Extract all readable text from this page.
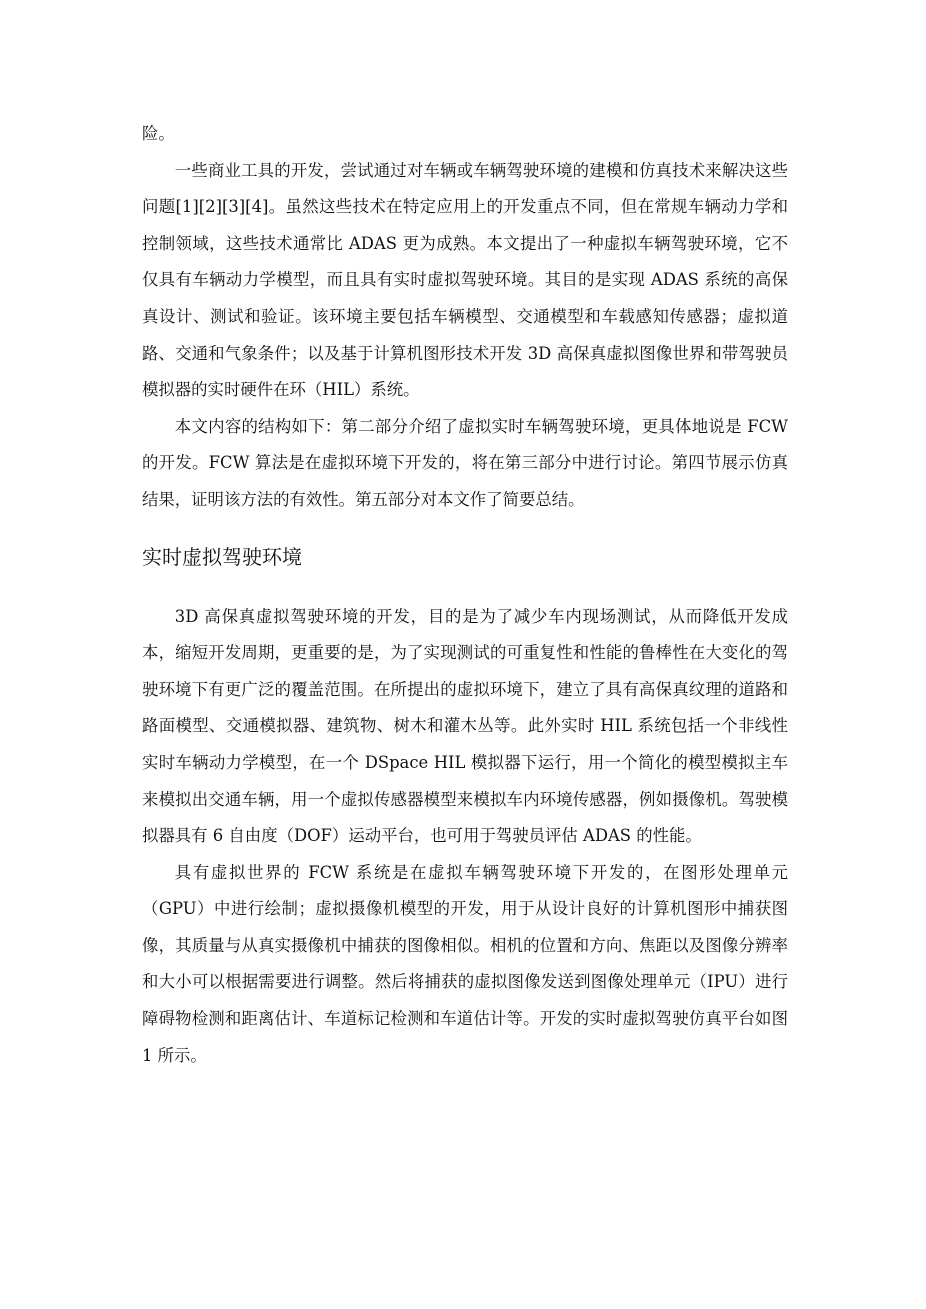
险。

一些商业工具的开发，尝试通过对车辆或车辆驾驶环境的建模和仿真技术来解决这些问题[1][2][3][4]。虽然这些技术在特定应用上的开发重点不同，但在常规车辆动力学和控制领域，这些技术通常比 ADAS 更为成熟。本文提出了一种虚拟车辆驾驶环境，它不仅具有车辆动力学模型，而且具有实时虚拟驾驶环境。其目的是实现 ADAS 系统的高保真设计、测试和验证。该环境主要包括车辆模型、交通模型和车载感知传感器；虚拟道路、交通和气象条件；以及基于计算机图形技术开发 3D 高保真虚拟图像世界和带驾驶员模拟器的实时硬件在环（HIL）系统。

本文内容的结构如下：第二部分介绍了虚拟实时车辆驾驶环境，更具体地说是 FCW 的开发。FCW 算法是在虚拟环境下开发的，将在第三部分中进行讨论。第四节展示仿真结果，证明该方法的有效性。第五部分对本文作了简要总结。

实时虚拟驾驶环境

3D 高保真虚拟驾驶环境的开发，目的是为了减少车内现场测试，从而降低开发成本，缩短开发周期，更重要的是，为了实现测试的可重复性和性能的鲁棒性在大变化的驾驶环境下有更广泛的覆盖范围。在所提出的虚拟环境下，建立了具有高保真纹理的道路和路面模型、交通模拟器、建筑物、树木和灌木丛等。此外实时 HIL 系统包括一个非线性实时车辆动力学模型，在一个 DSpace HIL 模拟器下运行，用一个简化的模型模拟主车来模拟出交通车辆，用一个虚拟传感器模型来模拟车内环境传感器，例如摄像机。驾驶模拟器具有 6 自由度（DOF）运动平台，也可用于驾驶员评估 ADAS 的性能。

具有虚拟世界的 FCW 系统是在虚拟车辆驾驶环境下开发的，在图形处理单元（GPU）中进行绘制；虚拟摄像机模型的开发，用于从设计良好的计算机图形中捕获图像，其质量与从真实摄像机中捕获的图像相似。相机的位置和方向、焦距以及图像分辨率和大小可以根据需要进行调整。然后将捕获的虚拟图像发送到图像处理单元（IPU）进行障碍物检测和距离估计、车道标记检测和车道估计等。开发的实时虚拟驾驶仿真平台如图 1 所示。
